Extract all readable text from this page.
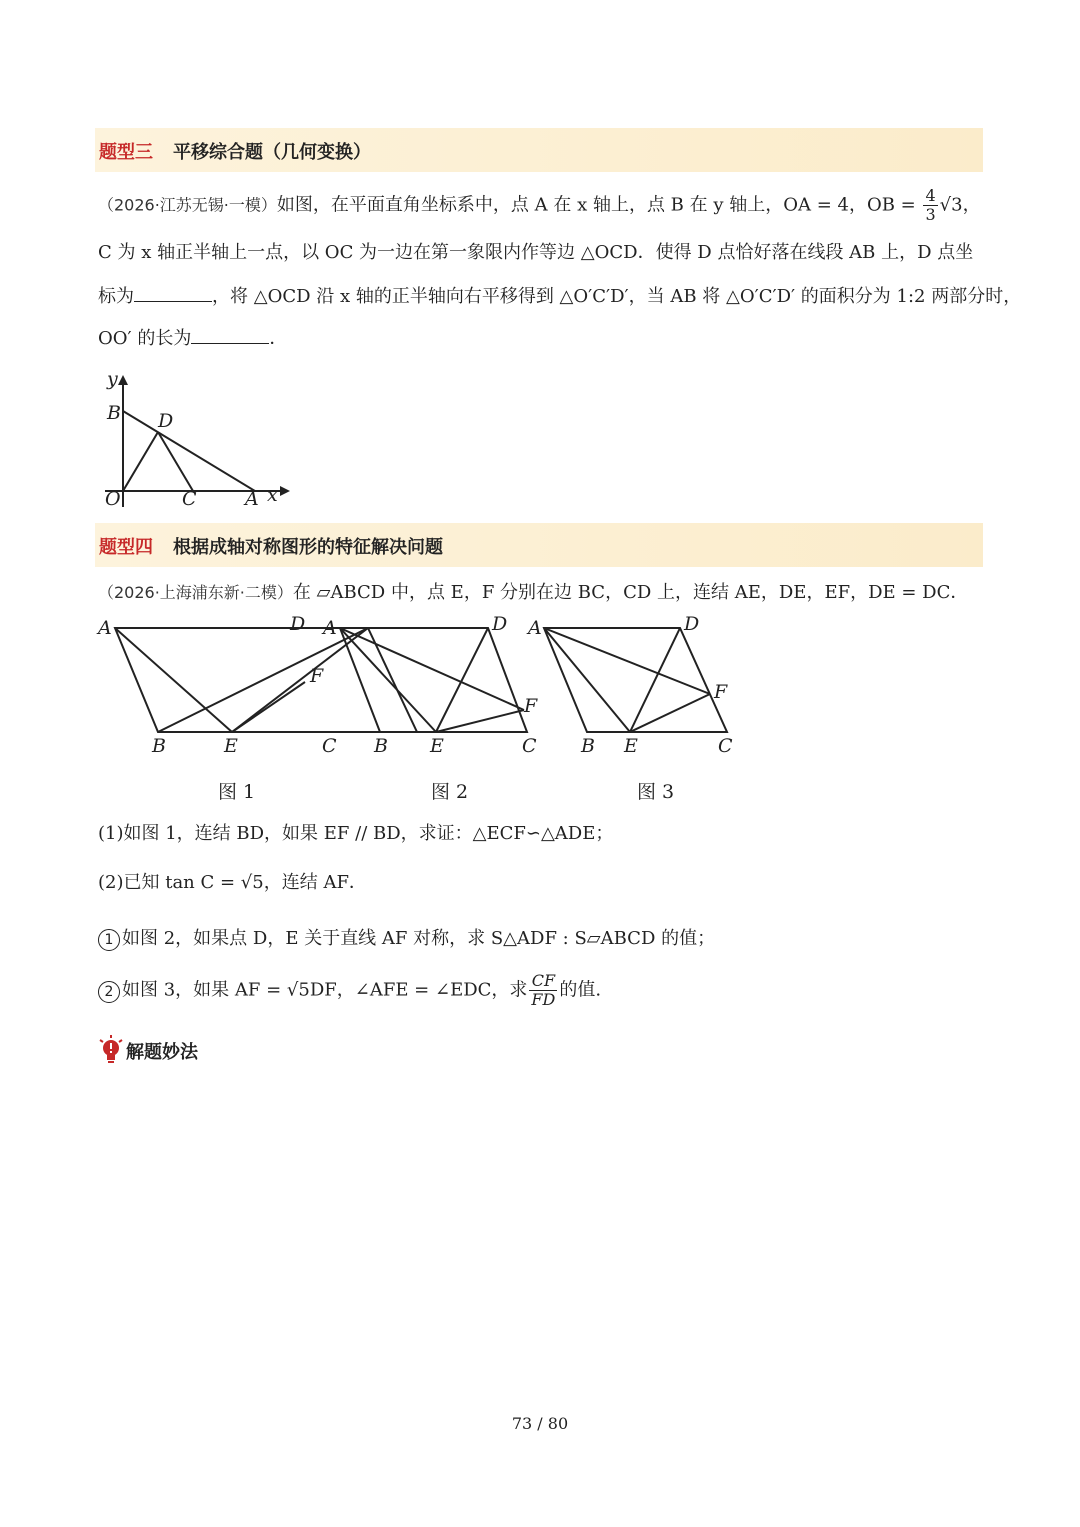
题型三 平移综合题（几何变换）
（2026·江苏无锡·一模）如图，在平面直角坐标系中，点 A 在 x 轴上，点 B 在 y 轴上，OA = 4，OB = $\frac{4}{3} √3$，
C 为 x 轴正半轴上一点，以 OC 为一边在第一象限内作等边 △OCD．使得 D 点恰好落在线段 AB 上，D 点坐
标为	，将 △OCD 沿 x 轴的正半轴向右平移得到 △O′C′D′，当 AB 将 △O′C′D′ 的面积分为 1:2 两部分时，
OO′ 的长为	．
y
B D
O	C	A x
题型四 根据成轴对称图形的特征解决问题
（2026·上海浦东新·二模）在 ▱ABCD 中，点 E，F 分别在边 BC，CD 上，连结 AE，DE，EF，DE = DC．
A	D
F
B	E	C
A	D
F
B E	C
A	D
F
B E	C
图 1	图 2	图 3
(1)如图 1，连结 BD，如果 EF // BD，求证：△ECF∽△ADE；
(2)已知 tan C = √5，连结 AF．
1 如图 2，如果点 D，E 关于直线 AF 对称，求 S△ADF : S▱ABCD 的值；
2 如图 3，如果 AF = √5DF，∠AFE = ∠EDC，求 $\frac{CF}{FD}$ 的值.
解题妙法
73 / 80
